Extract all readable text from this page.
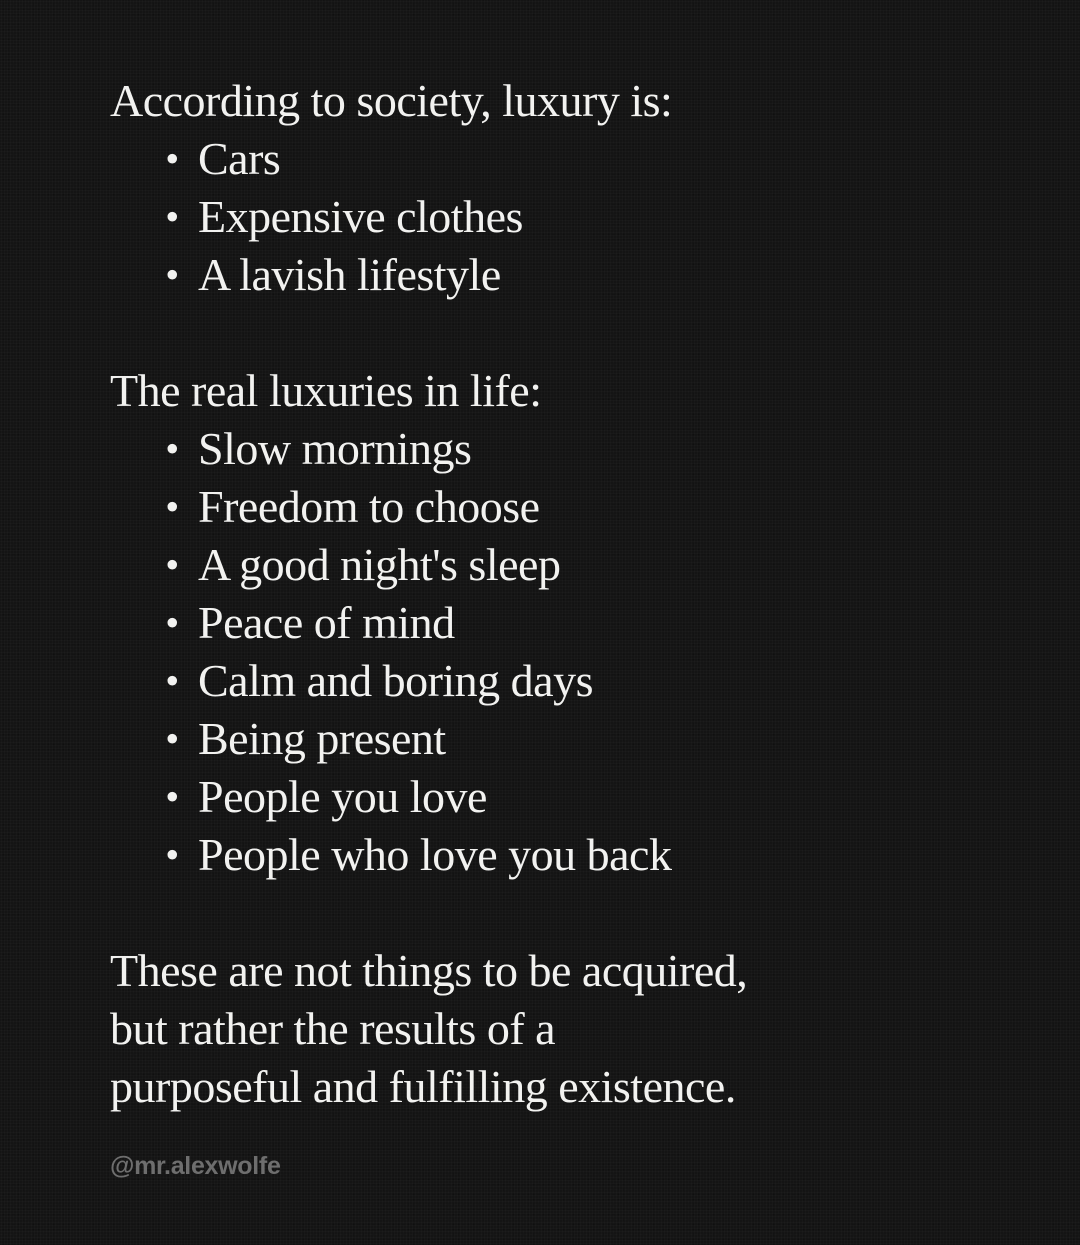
According to society, luxury is:

• Cars
• Expensive clothes
• A lavish lifestyle

The real luxuries in life:

• Slow mornings
• Freedom to choose
• A good night's sleep
• Peace of mind
• Calm and boring days
• Being present
• People you love
• People who love you back
These are not things to be acquired,
but rather the results of a
purposeful and fulfilling existence.
@mr.alexwolfe
